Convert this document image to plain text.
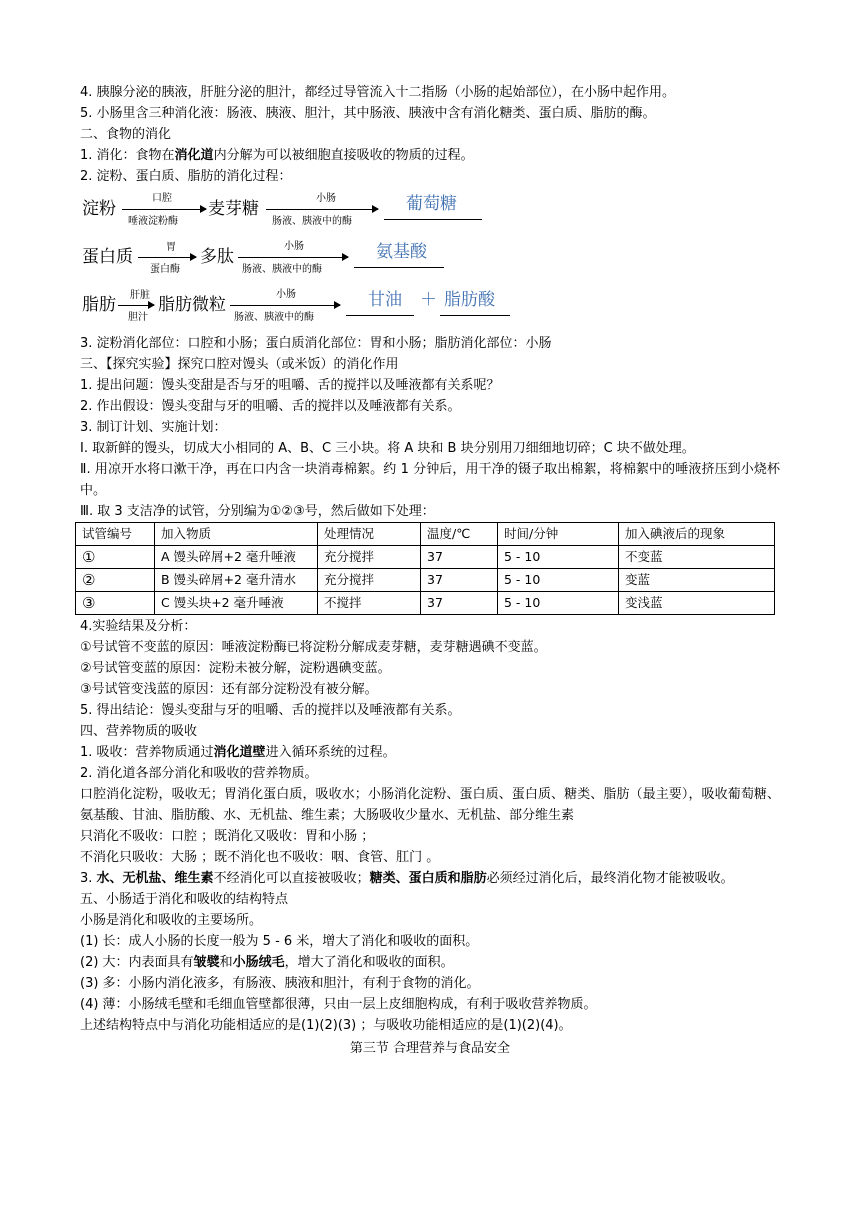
4. 胰腺分泌的胰液，肝脏分泌的胆汁，都经过导管流入十二指肠（小肠的起始部位），在小肠中起作用。
5. 小肠里含三种消化液：肠液、胰液、胆汁，其中肠液、胰液中含有消化糖类、蛋白质、脂肪的酶。
二、食物的消化
1. 消化：食物在消化道内分解为可以被细胞直接吸收的物质的过程。
2. 淀粉、蛋白质、脂肪的消化过程：
淀粉
口腔
唾液淀粉酶
麦芽糖
小肠
肠液、胰液中的酶
葡萄糖
蛋白质	胃
蛋白酶
多肽
小肠
肠液、胰液中的酶
氨基酸
脂肪 肝脏
胆汁
脂肪微粒
小肠
肠液、胰液中的酶
甘油 ＋ 脂肪酸
3. 淀粉消化部位：口腔和小肠；蛋白质消化部位：胃和小肠；脂肪消化部位：小肠
三、【探究实验】探究口腔对馒头（或米饭）的消化作用
1. 提出问题：馒头变甜是否与牙的咀嚼、舌的搅拌以及唾液都有关系呢？
2. 作出假设：馒头变甜与牙的咀嚼、舌的搅拌以及唾液都有关系。
3. 制订计划、实施计划：
Ⅰ. 取新鲜的馒头，切成大小相同的 A、B、C 三小块。将 A 块和 B 块分别用刀细细地切碎；C 块不做处理。
Ⅱ. 用凉开水将口漱干净，再在口内含一块消毒棉絮。约 1 分钟后，用干净的镊子取出棉絮，将棉絮中的唾液挤压到小烧杯中。
Ⅲ. 取 3 支洁净的试管，分别编为①②③号，然后做如下处理：
试管编号	加入物质	处理情况	温度/℃	时间/分钟	加入碘液后的现象
①	A 馒头碎屑+2 毫升唾液	充分搅拌	37	5 - 10	不变蓝
②	B 馒头碎屑+2 毫升清水	充分搅拌	37	5 - 10	变蓝
③	C 馒头块+2 毫升唾液	不搅拌	37	5 - 10	变浅蓝
4.实验结果及分析：
①号试管不变蓝的原因：唾液淀粉酶已将淀粉分解成麦芽糖，麦芽糖遇碘不变蓝。
②号试管变蓝的原因：淀粉未被分解，淀粉遇碘变蓝。
③号试管变浅蓝的原因：还有部分淀粉没有被分解。
5. 得出结论：馒头变甜与牙的咀嚼、舌的搅拌以及唾液都有关系。
四、营养物质的吸收
1. 吸收：营养物质通过消化道壁进入循环系统的过程。
2. 消化道各部分消化和吸收的营养物质。
口腔消化淀粉，吸收无；胃消化蛋白质，吸收水；小肠消化淀粉、蛋白质、蛋白质、糖类、脂肪（最主要），吸收葡萄糖、氨基酸、甘油、脂肪酸、水、无机盐、维生素；大肠吸收少量水、无机盐、部分维生素
只消化不吸收：口腔 ；既消化又吸收：胃和小肠 ；
不消化只吸收：大肠 ；既不消化也不吸收：咽、食管、肛门 。
3. 水、无机盐、维生素不经消化可以直接被吸收；糖类、蛋白质和脂肪必须经过消化后，最终消化物才能被吸收。
五、小肠适于消化和吸收的结构特点
小肠是消化和吸收的主要场所。
(1) 长：成人小肠的长度一般为 5 - 6 米，增大了消化和吸收的面积。
(2) 大：内表面具有皱襞和小肠绒毛，增大了消化和吸收的面积。
(3) 多：小肠内消化液多，有肠液、胰液和胆汁，有利于食物的消化。
(4) 薄：小肠绒毛壁和毛细血管壁都很薄，只由一层上皮细胞构成，有利于吸收营养物质。
上述结构特点中与消化功能相适应的是(1)(2)(3) ；与吸收功能相适应的是(1)(2)(4)。
第三节 合理营养与食品安全
